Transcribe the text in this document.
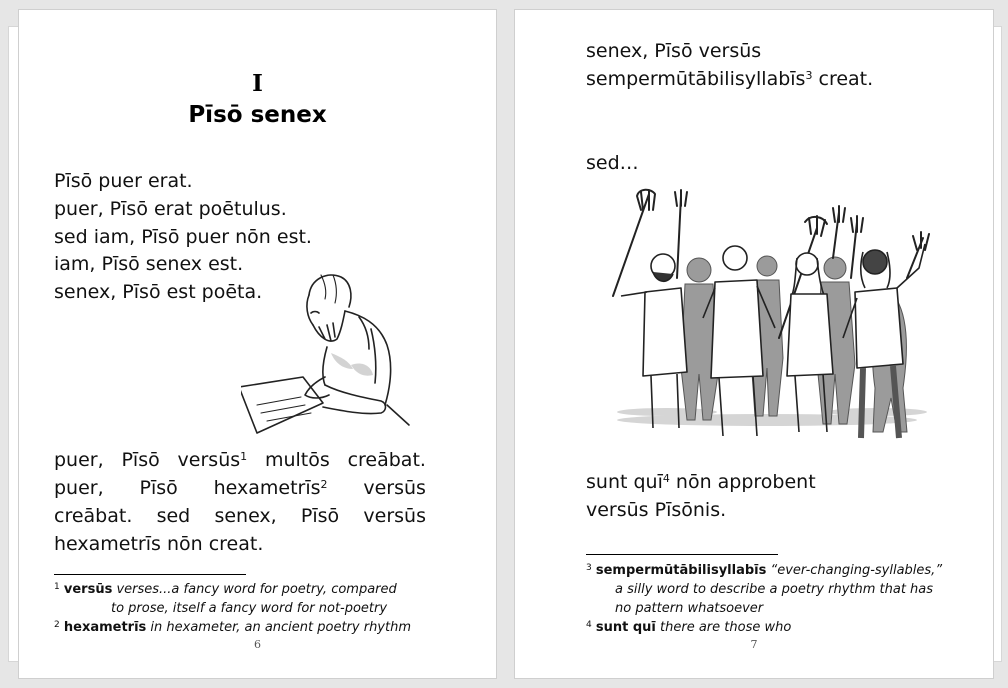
I
Pīsō senex
Pīsō puer erat.
puer, Pīsō erat poētulus.
sed iam, Pīsō puer nōn est.
iam, Pīsō senex est.
senex, Pīsō est poēta.
puer, Pīsō versūs$^1$ multōs creābat.
puer, Pīsō hexametrīs$^2$ versūs
creābat. sed senex, Pīsō versūs
hexametrīs nōn creat.
$^1$ versūs verses...a fancy word for poetry, compared
to prose, itself a fancy word for not-poetry
$^2$ hexametrīs in hexameter, an ancient poetry rhythm
6
senex, Pīsō versūs
sempermūtābilisyllabīs$^3$ creat.
sed…
sunt quī$^4$ nōn approbent
versūs Pīsōnis.
$^3$ sempermūtābilisyllabīs “ever-changing-syllables,”
a silly word to describe a poetry rhythm that has
no pattern whatsoever
$^4$ sunt quī there are those who
7
